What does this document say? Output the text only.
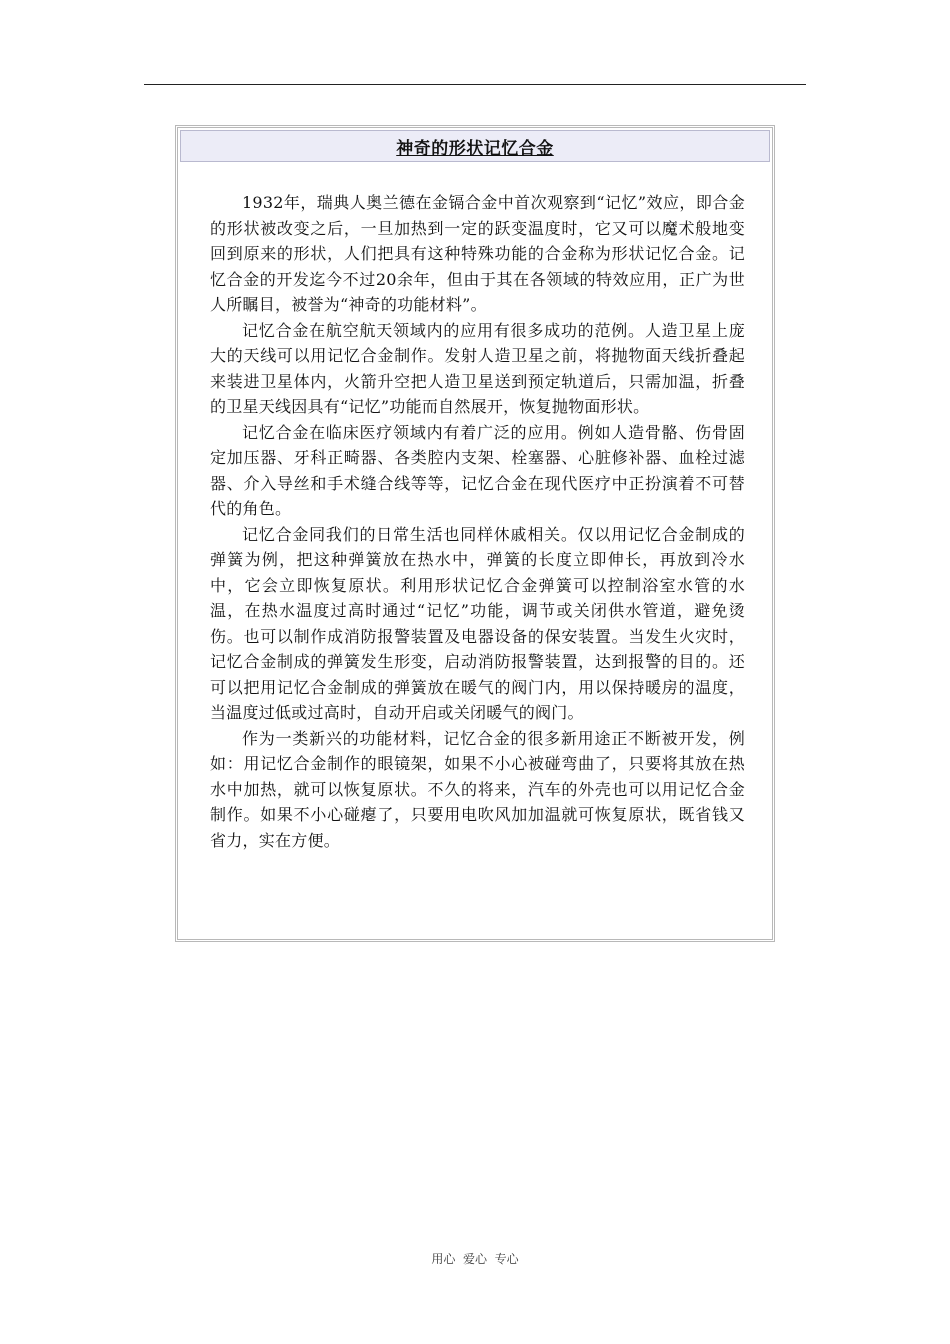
神奇的形状记忆合金

1932年，瑞典人奥兰德在金镉合金中首次观察到“记忆”效应，即合金的形状被改变之后，一旦加热到一定的跃变温度时，它又可以魔术般地变回到原来的形状，人们把具有这种特殊功能的合金称为形状记忆合金。记忆合金的开发迄今不过20余年，但由于其在各领域的特效应用，正广为世人所瞩目，被誉为“神奇的功能材料”。

记忆合金在航空航天领域内的应用有很多成功的范例。人造卫星上庞大的天线可以用记忆合金制作。发射人造卫星之前，将抛物面天线折叠起来装进卫星体内，火箭升空把人造卫星送到预定轨道后，只需加温，折叠的卫星天线因具有“记忆”功能而自然展开，恢复抛物面形状。

记忆合金在临床医疗领域内有着广泛的应用。例如人造骨骼、伤骨固定加压器、牙科正畸器、各类腔内支架、栓塞器、心脏修补器、血栓过滤器、介入导丝和手术缝合线等等，记忆合金在现代医疗中正扮演着不可替代的角色。

记忆合金同我们的日常生活也同样休戚相关。仅以用记忆合金制成的弹簧为例，把这种弹簧放在热水中，弹簧的长度立即伸长，再放到冷水中，它会立即恢复原状。利用形状记忆合金弹簧可以控制浴室水管的水温，在热水温度过高时通过“记忆”功能，调节或关闭供水管道，避免烫伤。也可以制作成消防报警装置及电器设备的保安装置。当发生火灾时，记忆合金制成的弹簧发生形变，启动消防报警装置，达到报警的目的。还可以把用记忆合金制成的弹簧放在暖气的阀门内，用以保持暖房的温度，当温度过低或过高时，自动开启或关闭暖气的阀门。

作为一类新兴的功能材料，记忆合金的很多新用途正不断被开发，例如：用记忆合金制作的眼镜架，如果不小心被碰弯曲了，只要将其放在热水中加热，就可以恢复原状。不久的将来，汽车的外壳也可以用记忆合金制作。如果不小心碰瘪了，只要用电吹风加加温就可恢复原状，既省钱又省力，实在方便。

用心  爱心  专心
